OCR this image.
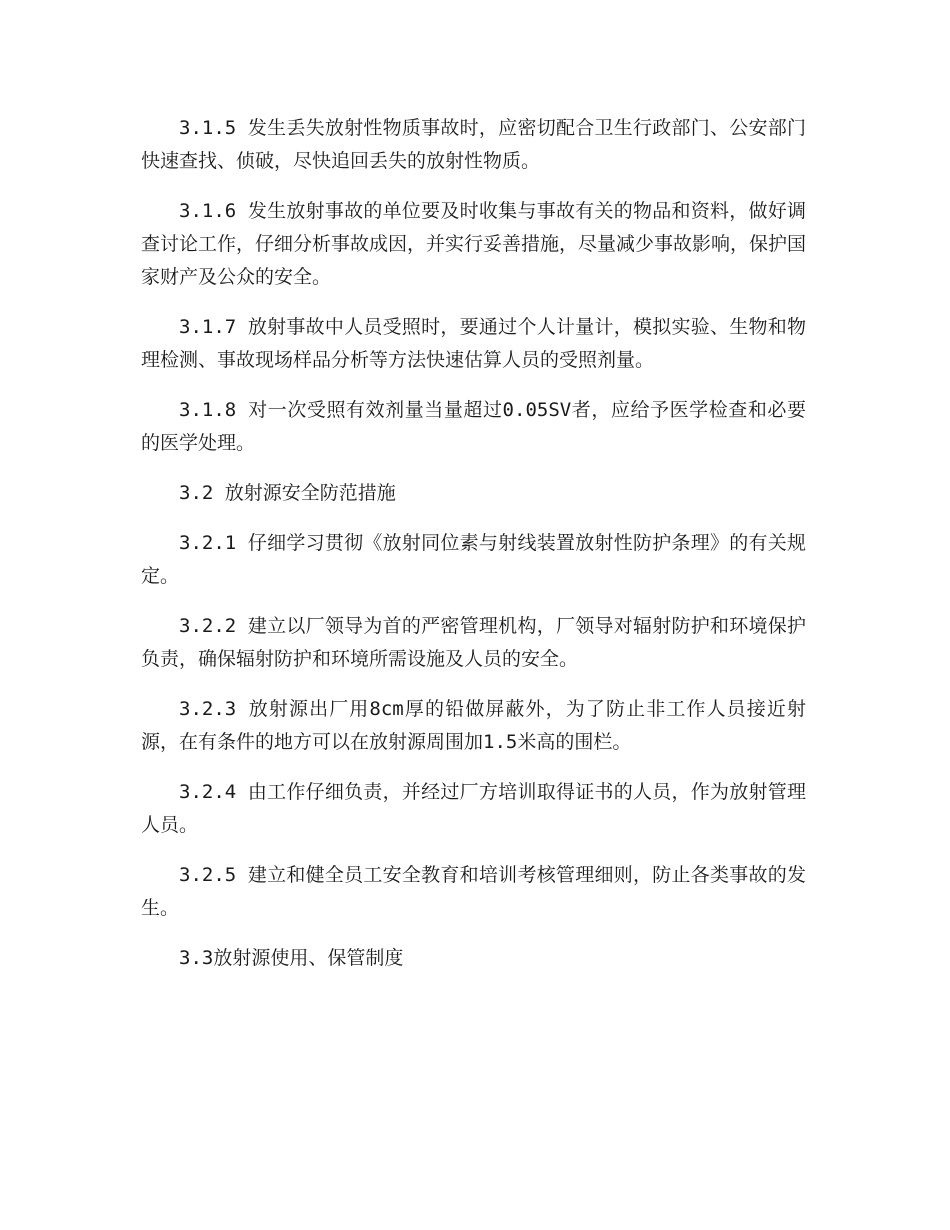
3.1.5 发生丢失放射性物质事故时，应密切配合卫生行政部门、公安部门快速查找、侦破，尽快追回丢失的放射性物质。

3.1.6 发生放射事故的单位要及时收集与事故有关的物品和资料，做好调查讨论工作，仔细分析事故成因，并实行妥善措施，尽量减少事故影响，保护国家财产及公众的安全。

3.1.7 放射事故中人员受照时，要通过个人计量计，模拟实验、生物和物理检测、事故现场样品分析等方法快速估算人员的受照剂量。

3.1.8 对一次受照有效剂量当量超过0.05SV者，应给予医学检查和必要的医学处理。

3.2 放射源安全防范措施

3.2.1 仔细学习贯彻《放射同位素与射线装置放射性防护条理》的有关规定。

3.2.2 建立以厂领导为首的严密管理机构，厂领导对辐射防护和环境保护负责，确保辐射防护和环境所需设施及人员的安全。

3.2.3 放射源出厂用8cm厚的铅做屏蔽外，为了防止非工作人员接近射源，在有条件的地方可以在放射源周围加1.5米高的围栏。

3.2.4 由工作仔细负责，并经过厂方培训取得证书的人员，作为放射管理人员。

3.2.5 建立和健全员工安全教育和培训考核管理细则，防止各类事故的发生。

3.3放射源使用、保管制度
